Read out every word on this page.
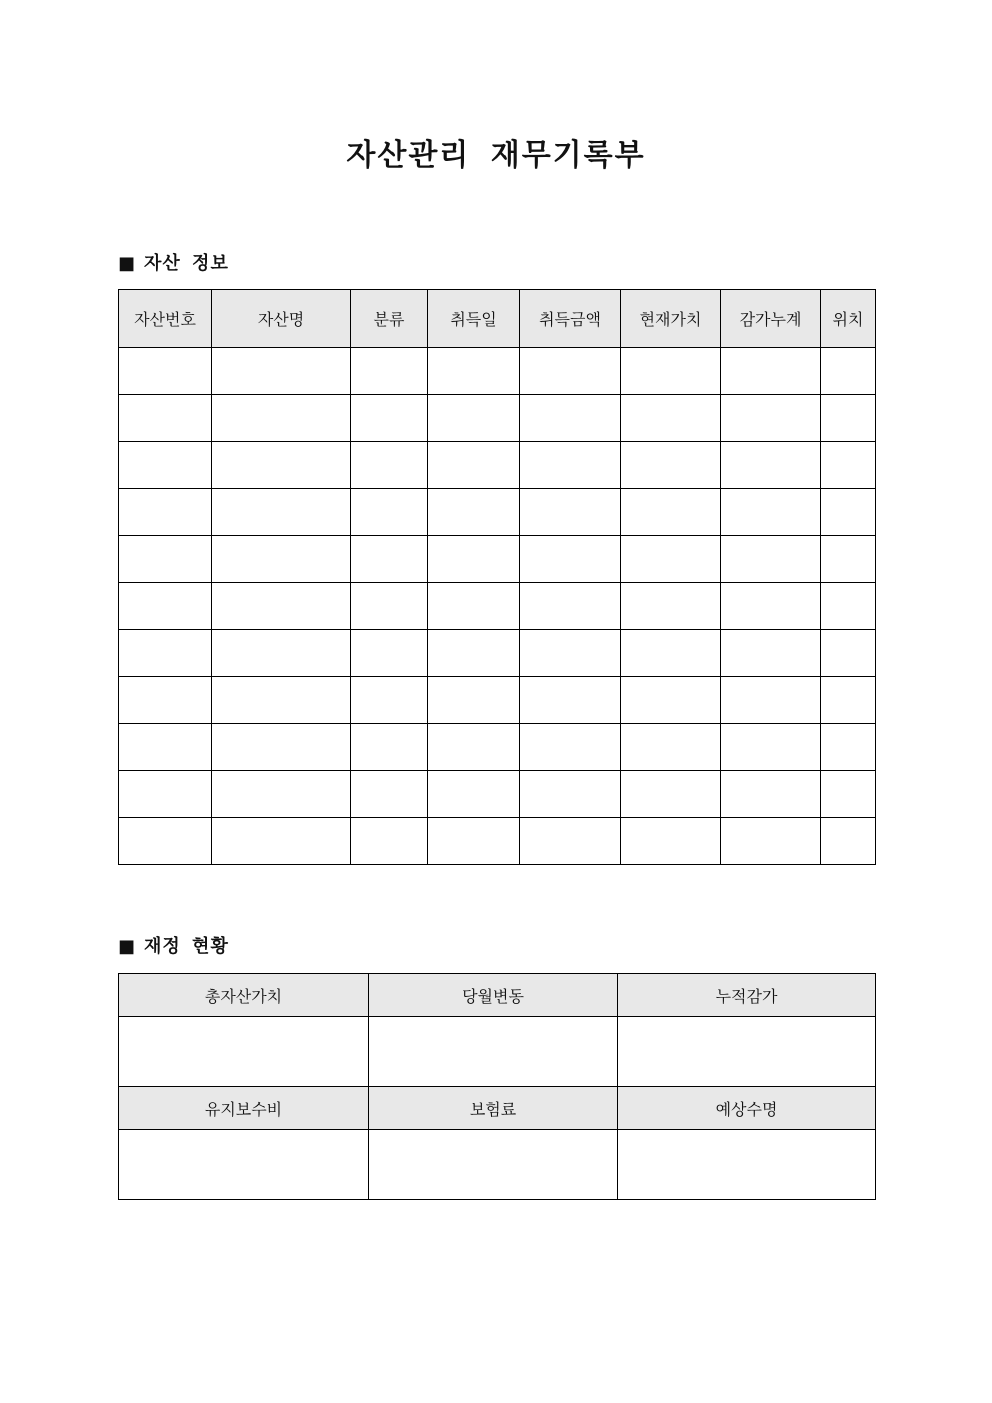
자산관리 재무기록부
■ 자산 정보
자산번호	자산명	분류	취득일	취득금액	현재가치	감가누계	위치

■ 재정 현황
총자산가치	당월변동	누적감가

유지보수비	보험료	예상수명
